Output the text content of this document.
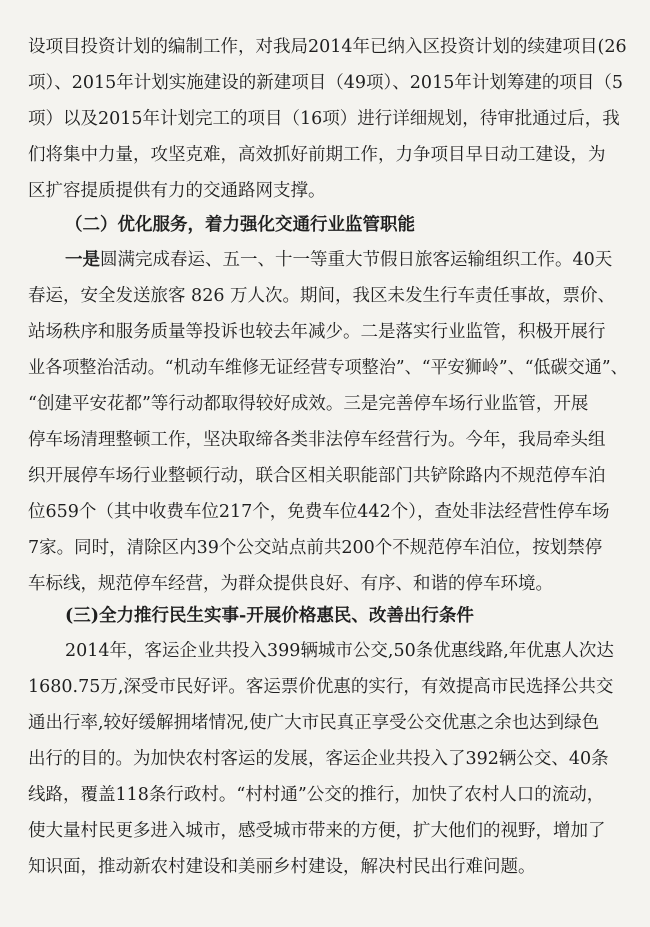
设项目投资计划的编制工作，对我局2014年已纳入区投资计划的续建项目(26
项）、2015年计划实施建设的新建项目（49项）、2015年计划筹建的项目（5
项）以及2015年计划完工的项目（16项）进行详细规划，待审批通过后，我
们将集中力量，攻坚克难，高效抓好前期工作，力争项目早日动工建设，为
区扩容提质提供有力的交通路网支撑。
（二）优化服务，着力强化交通行业监管职能
一是圆满完成春运、五一、十一等重大节假日旅客运输组织工作。40天
春运，安全发送旅客 826 万人次。期间，我区未发生行车责任事故，票价、
站场秩序和服务质量等投诉也较去年减少。二是落实行业监管，积极开展行
业各项整治活动。“机动车维修无证经营专项整治”、“平安狮岭”、“低碳交通”、
“创建平安花都”等行动都取得较好成效。三是完善停车场行业监管，开展
停车场清理整顿工作，坚决取缔各类非法停车经营行为。今年，我局牵头组
织开展停车场行业整顿行动，联合区相关职能部门共铲除路内不规范停车泊
位659个（其中收费车位217个，免费车位442个），查处非法经营性停车场
7家。同时，清除区内39个公交站点前共200个不规范停车泊位，按划禁停
车标线，规范停车经营，为群众提供良好、有序、和谐的停车环境。
(三)全力推行民生实事-开展价格惠民、改善出行条件
2014年，客运企业共投入399辆城市公交,50条优惠线路,年优惠人次达
1680.75万,深受市民好评。客运票价优惠的实行，有效提高市民选择公共交
通出行率,较好缓解拥堵情况,使广大市民真正享受公交优惠之余也达到绿色
出行的目的。为加快农村客运的发展，客运企业共投入了392辆公交、40条
线路，覆盖118条行政村。“村村通”公交的推行，加快了农村人口的流动，
使大量村民更多进入城市，感受城市带来的方便，扩大他们的视野，增加了
知识面，推动新农村建设和美丽乡村建设，解决村民出行难问题。
